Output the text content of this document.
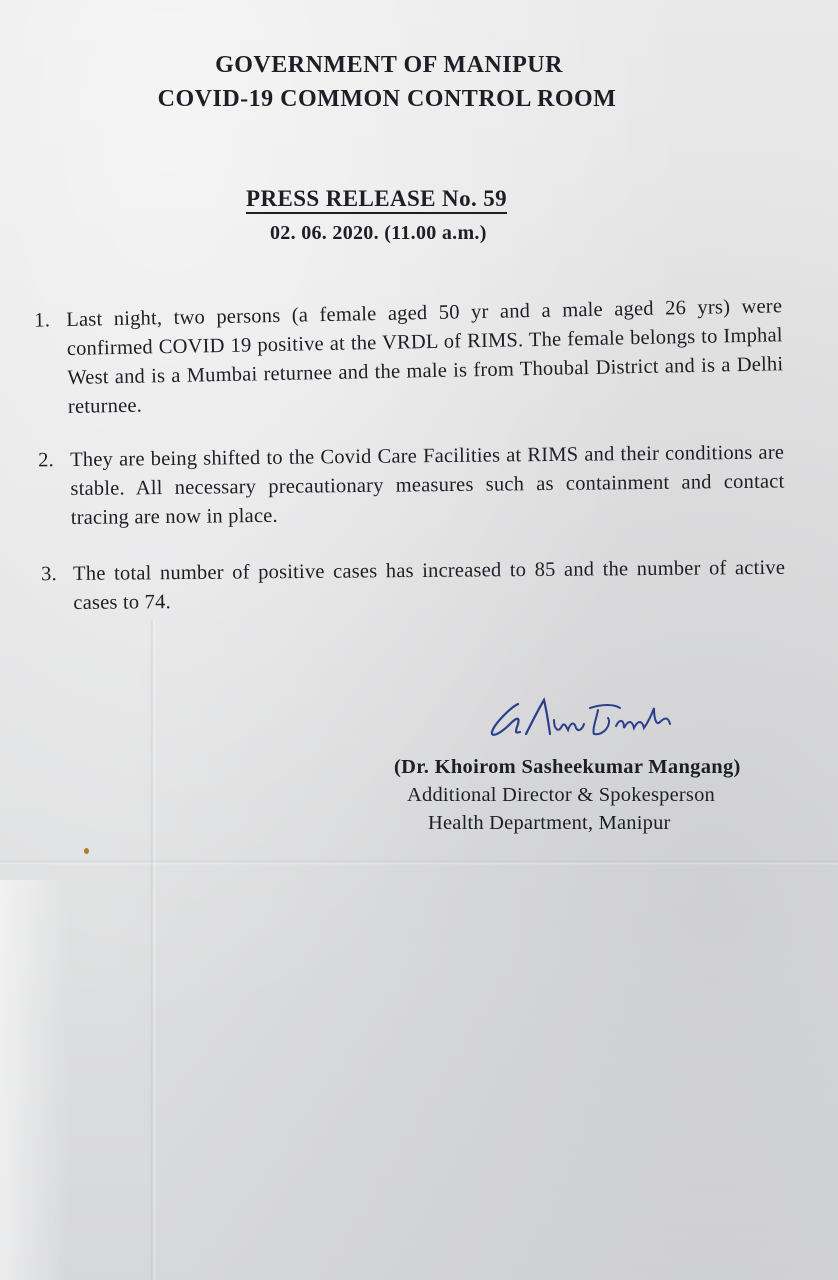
GOVERNMENT OF MANIPUR
COVID-19 COMMON CONTROL ROOM
PRESS RELEASE No. 59
02. 06. 2020. (11.00 a.m.)
1. Last night, two persons (a female aged 50 yr and a male aged 26 yrs) were confirmed COVID 19 positive at the VRDL of RIMS. The female belongs to Imphal West and is a Mumbai returnee and the male is from Thoubal District and is a Delhi returnee.
2. They are being shifted to the Covid Care Facilities at RIMS and their conditions are stable. All necessary precautionary measures such as containment and contact tracing are now in place.
3. The total number of positive cases has increased to 85 and the number of active cases to 74.
(Dr. Khoirom Sasheekumar Mangang)
Additional Director & Spokesperson
Health Department, Manipur
